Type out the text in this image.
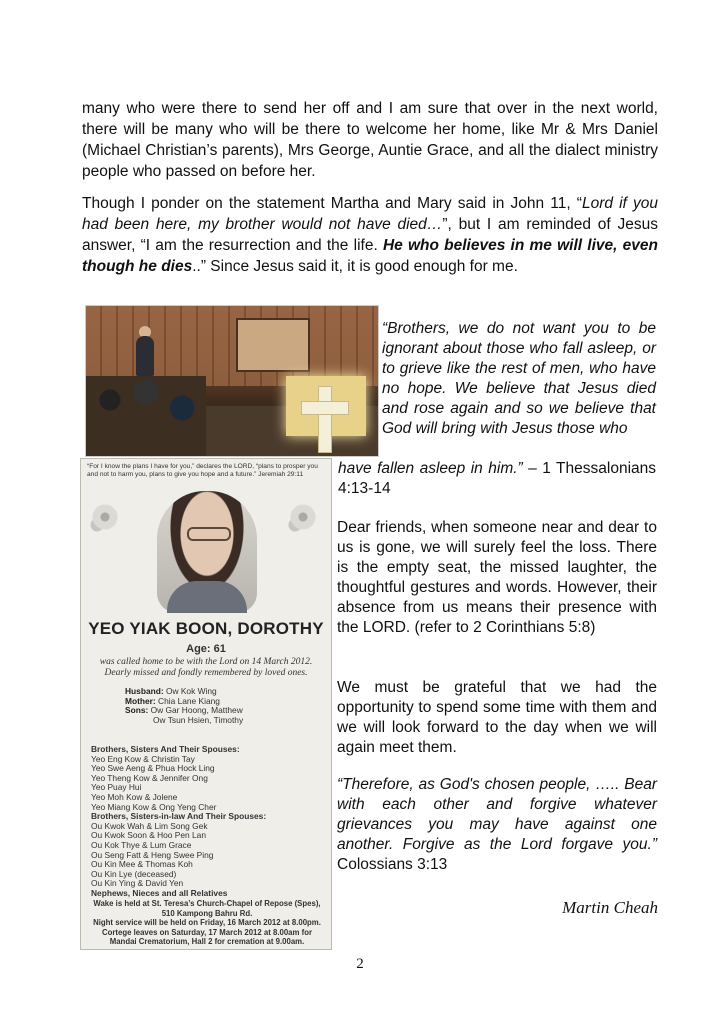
many who were there to send her off and I am sure that over in the next world, there will be many who will be there to welcome her home, like Mr & Mrs Daniel (Michael Christian’s parents), Mrs George, Auntie Grace, and all the dialect ministry people who passed on before her.

Though I ponder on the statement Martha and Mary said in John 11, “Lord if you had been here, my brother would not have died…”, but I am reminded of Jesus answer, “I am the resurrection and the life. He who believes in me will live, even though he dies..” Since Jesus said it, it is good enough for me.

“Brothers, we do not want you to be ignorant about those who fall asleep, or to grieve like the rest of men, who have no hope. We believe that Jesus died and rose again and so we believe that God will bring with Jesus those who

have fallen asleep in him.” – 1 Thessalonians 4:13-14

“For I know the plans I have for you,” declares the LORD, “plans to prosper you and not to harm you, plans to give you hope and a future.” Jeremiah 29:11
YEO YIAK BOON, DOROTHY
Age: 61
was called home to be with the Lord on 14 March 2012. Dearly missed and fondly remembered by loved ones.
Husband: Ow Kok Wing
Mother: Chia Lane Kiang
Sons: Ow Gar Hoong, Matthew
Ow Tsun Hsien, Timothy
Brothers, Sisters And Their Spouses:
Yeo Eng Kow & Christin Tay
Yeo Swe Aeng & Phua Hock Ling
Yeo Theng Kow & Jennifer Ong
Yeo Puay Hui
Yeo Moh Kow & Jolene
Yeo Miang Kow & Ong Yeng Cher
Brothers, Sisters-in-law And Their Spouses:
Ou Kwok Wah & Lim Song Gek
Ou Kwok Soon & Hoo Pen Lan
Ou Kok Thye & Lum Grace
Ou Seng Fatt & Heng Swee Ping
Ou Kin Mee & Thomas Koh
Ou Kin Lye (deceased)
Ou Kin Ying & David Yen
Nephews, Nieces and all Relatives
Wake is held at St. Teresa’s Church-Chapel of Repose (Spes),
510 Kampong Bahru Rd.
Night service will be held on Friday, 16 March 2012 at 8.00pm.
Cortege leaves on Saturday, 17 March 2012 at 8.00am for
Mandai Crematorium, Hall 2 for cremation at 9.00am.

Dear friends, when someone near and dear to us is gone, we will surely feel the loss. There is the empty seat, the missed laughter, the thoughtful gestures and words. However, their absence from us means their presence with the LORD. (refer to 2 Corinthians 5:8)

We must be grateful that we had the opportunity to spend some time with them and we will look forward to the day when we will again meet them.

“Therefore, as God's chosen people, ….. Bear with each other and forgive whatever grievances you may have against one another. Forgive as the Lord forgave you.” Colossians 3:13

Martin Cheah

2
